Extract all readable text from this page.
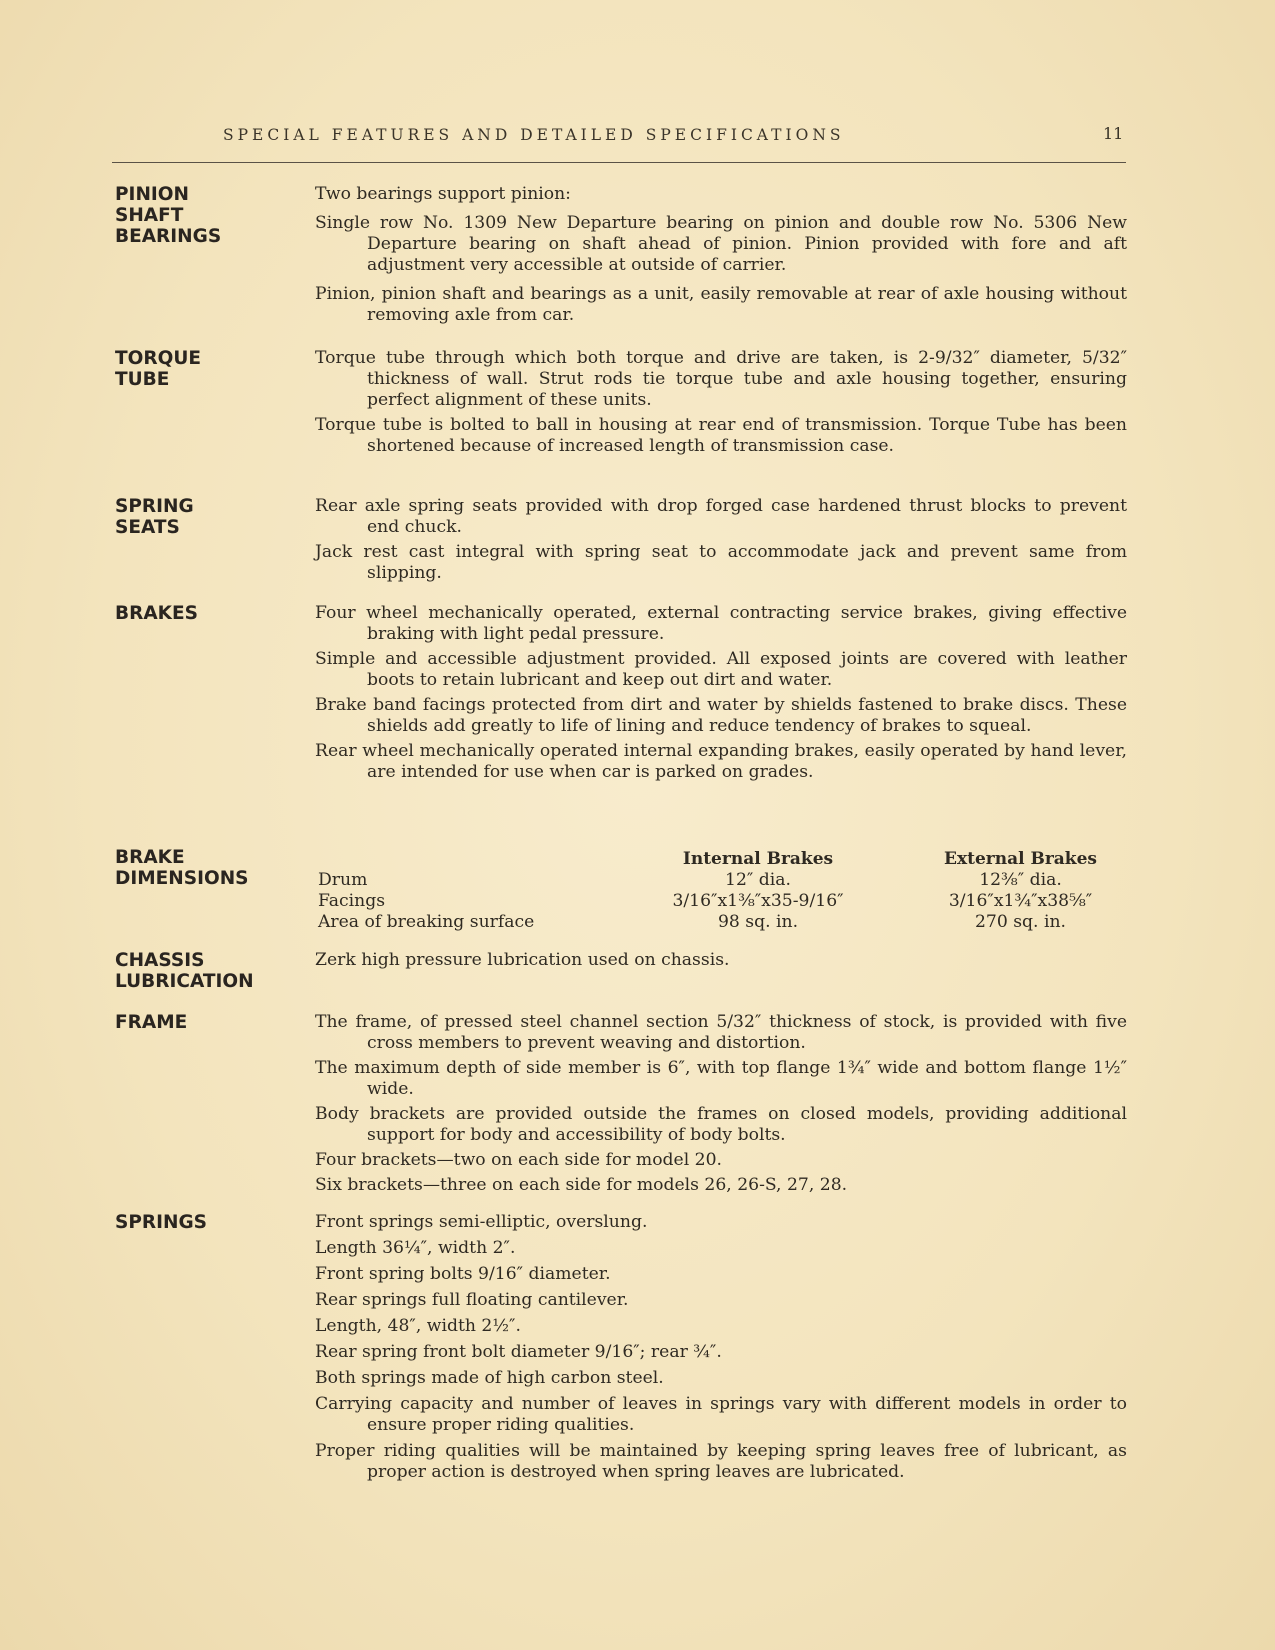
SPECIAL FEATURES AND DETAILED SPECIFICATIONS	11
PINION
SHAFT
BEARINGS

Two bearings support pinion:

Single row No. 1309 New Departure bearing on pinion and double row No. 5306 New Departure bearing on shaft ahead of pinion. Pinion provided with fore and aft adjustment very accessible at outside of carrier.

Pinion, pinion shaft and bearings as a unit, easily removable at rear of axle housing without removing axle from car.

TORQUE
TUBE

Torque tube through which both torque and drive are taken, is 2-9/32″ diameter, 5/32″ thickness of wall. Strut rods tie torque tube and axle housing together, ensuring perfect alignment of these units.

Torque tube is bolted to ball in housing at rear end of transmission. Torque Tube has been shortened because of increased length of transmission case.

SPRING
SEATS

Rear axle spring seats provided with drop forged case hardened thrust blocks to prevent end chuck.

Jack rest cast integral with spring seat to accommodate jack and prevent same from slipping.

BRAKES	Four wheel mechanically operated, external contracting service brakes, giving effective braking with light pedal pressure.

Simple and accessible adjustment provided. All exposed joints are covered with leather boots to retain lubricant and keep out dirt and water.

Brake band facings protected from dirt and water by shields fastened to brake discs. These shields add greatly to life of lining and reduce tendency of brakes to squeal.

Rear wheel mechanically operated internal expanding brakes, easily operated by hand lever, are intended for use when car is parked on grades.

BRAKE
DIMENSIONS
	Internal Brakes	External Brakes
Drum	12″ dia.	12⅜″ dia.
Facings	3/16″x1⅜″x35-9/16″	3/16″x1¾″x38⅝″
Area of breaking surface	98 sq. in.	270 sq. in.
CHASSIS
LUBRICATION

Zerk high pressure lubrication used on chassis.

FRAME	The frame, of pressed steel channel section 5/32″ thickness of stock, is provided with five cross members to prevent weaving and distortion.

The maximum depth of side member is 6″, with top flange 1¾″ wide and bottom flange 1½″ wide.

Body brackets are provided outside the frames on closed models, providing additional support for body and accessibility of body bolts.

Four brackets—two on each side for model 20.

Six brackets—three on each side for models 26, 26-S, 27, 28.

SPRINGS	Front springs semi-elliptic, overslung.

Length 36¼″, width 2″.

Front spring bolts 9/16″ diameter.

Rear springs full floating cantilever.

Length, 48″, width 2½″.

Rear spring front bolt diameter 9/16″; rear ¾″.

Both springs made of high carbon steel.

Carrying capacity and number of leaves in springs vary with different models in order to ensure proper riding qualities.

Proper riding qualities will be maintained by keeping spring leaves free of lubricant, as proper action is destroyed when spring leaves are lubricated.
